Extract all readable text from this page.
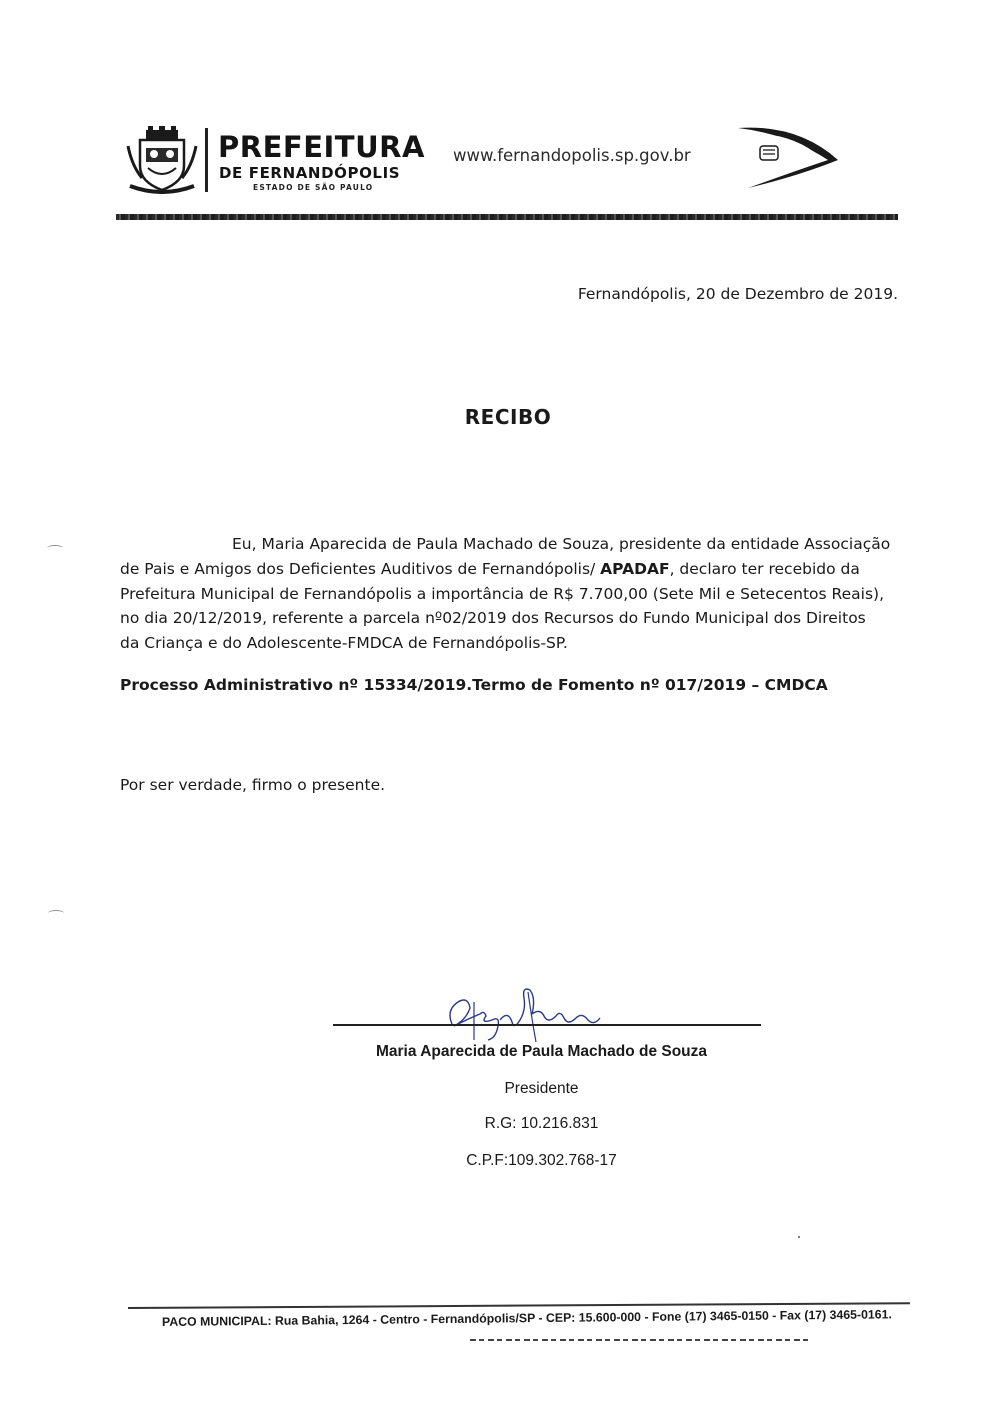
PREFEITURA
DE FERNANDÓPOLIS
ESTADO DE SÃO PAULO
www.fernandopolis.sp.gov.br
Fernandópolis, 20 de Dezembro de 2019.
RECIBO
Eu, Maria Aparecida de Paula Machado de Souza, presidente da entidade Associação
de Pais e Amigos dos Deficientes Auditivos de Fernandópolis/ APADAF, declaro ter recebido da
Prefeitura Municipal de Fernandópolis a importância de R$ 7.700,00 (Sete Mil e Setecentos Reais),
no dia 20/12/2019, referente a parcela nº02/2019 dos Recursos do Fundo Municipal dos Direitos
da Criança e do Adolescente-FMDCA de Fernandópolis-SP.
Processo Administrativo nº 15334/2019.Termo de Fomento nº 017/2019 – CMDCA
Por ser verdade, firmo o presente.
Maria Aparecida de Paula Machado de Souza
Presidente
R.G: 10.216.831
C.P.F:109.302.768-17
PACO MUNICIPAL: Rua Bahia, 1264 - Centro - Fernandópolis/SP - CEP: 15.600-000 - Fone (17) 3465-0150 - Fax (17) 3465-0161.
